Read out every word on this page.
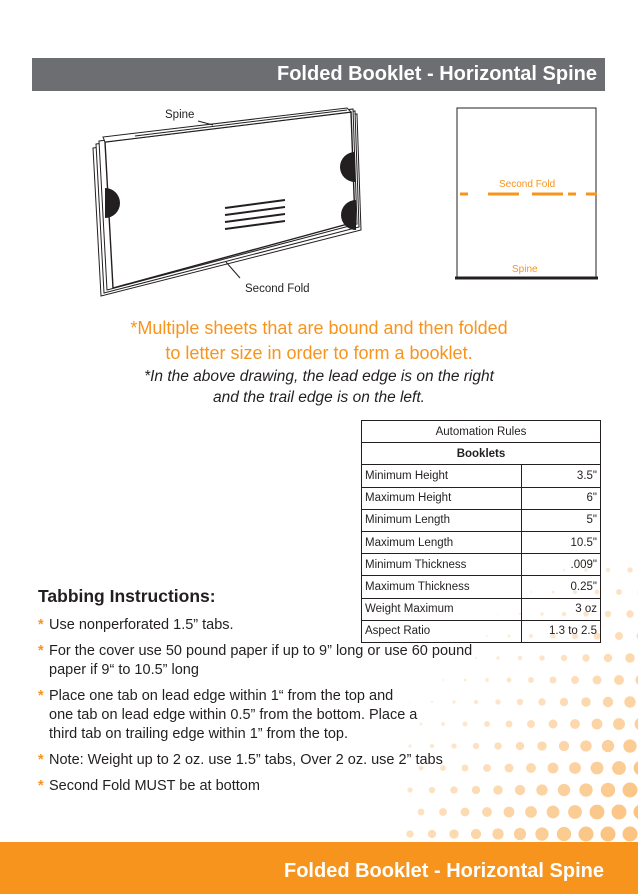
Folded Booklet - Horizontal Spine
Spine
Second Fold
Second Fold
Spine
*Multiple sheets that are bound and then folded
to letter size in order to form a booklet.
*In the above drawing, the lead edge is on the right
and the trail edge is on the left.
Automation Rules	
Booklets	
Minimum Height	3.5"
Maximum Height	6"
Minimum Length	5"
Maximum Length	10.5"
Minimum Thickness	.009"
Maximum Thickness	0.25"
Weight Maximum	3 oz
Aspect Ratio	1.3 to 2.5
Tabbing Instructions:
* Use nonperforated 1.5” tabs.
* For the cover use 50 pound paper if up to 9” long or use 60 pound
paper if 9“ to 10.5” long
* Place one tab on lead edge within 1“ from the top and
one tab on lead edge within 0.5” from the bottom. Place a
third tab on trailing edge within 1” from the top.
* Note: Weight up to 2 oz. use 1.5” tabs, Over 2 oz. use 2” tabs
* Second Fold MUST be at bottom
Folded Booklet - Horizontal Spine
